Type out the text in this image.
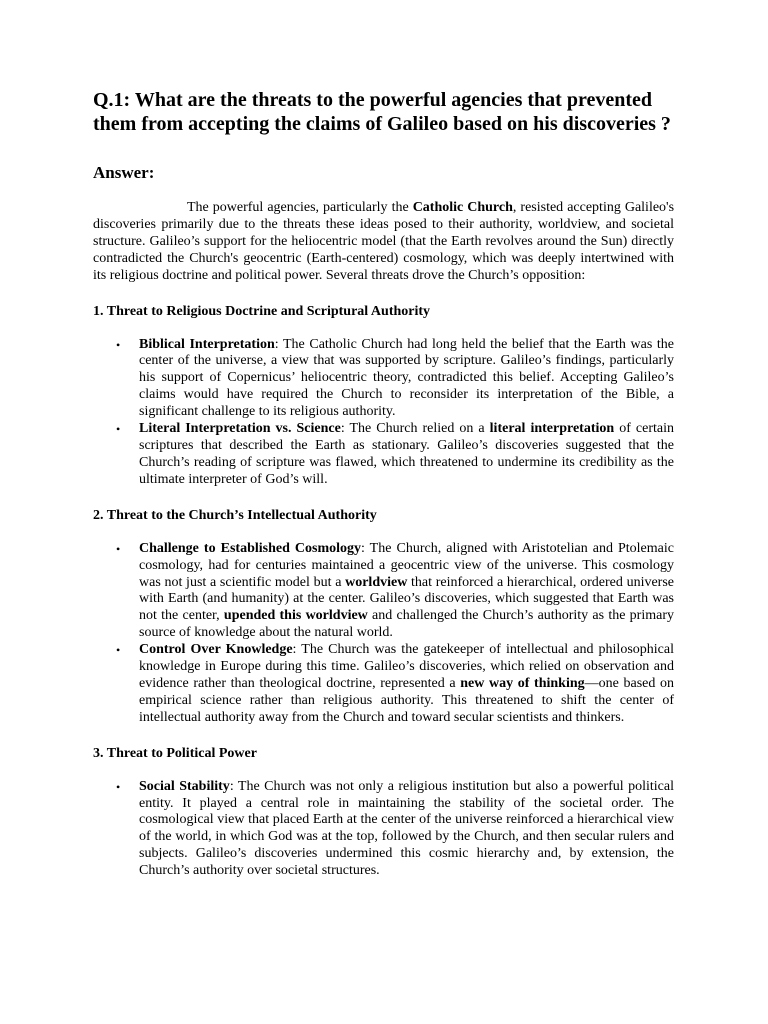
Q.1: What are the threats to the powerful agencies that prevented them from accepting the claims of Galileo based on his discoveries ?
Answer:

The powerful agencies, particularly the Catholic Church, resisted accepting Galileo's discoveries primarily due to the threats these ideas posed to their authority, worldview, and societal structure. Galileo’s support for the heliocentric model (that the Earth revolves around the Sun) directly contradicted the Church's geocentric (Earth-centered) cosmology, which was deeply intertwined with its religious doctrine and political power. Several threats drove the Church’s opposition:

1. Threat to Religious Doctrine and Scriptural Authority
• Biblical Interpretation: The Catholic Church had long held the belief that the Earth was the center of the universe, a view that was supported by scripture. Galileo’s findings, particularly his support of Copernicus’ heliocentric theory, contradicted this belief. Accepting Galileo’s claims would have required the Church to reconsider its interpretation of the Bible, a significant challenge to its religious authority.
• Literal Interpretation vs. Science: The Church relied on a literal interpretation of certain scriptures that described the Earth as stationary. Galileo’s discoveries suggested that the Church’s reading of scripture was flawed, which threatened to undermine its credibility as the ultimate interpreter of God’s will.
2. Threat to the Church’s Intellectual Authority
• Challenge to Established Cosmology: The Church, aligned with Aristotelian and Ptolemaic cosmology, had for centuries maintained a geocentric view of the universe. This cosmology was not just a scientific model but a worldview that reinforced a hierarchical, ordered universe with Earth (and humanity) at the center. Galileo’s discoveries, which suggested that Earth was not the center, upended this worldview and challenged the Church’s authority as the primary source of knowledge about the natural world.
• Control Over Knowledge: The Church was the gatekeeper of intellectual and philosophical knowledge in Europe during this time. Galileo’s discoveries, which relied on observation and evidence rather than theological doctrine, represented a new way of thinking—one based on empirical science rather than religious authority. This threatened to shift the center of intellectual authority away from the Church and toward secular scientists and thinkers.
3. Threat to Political Power
• Social Stability: The Church was not only a religious institution but also a powerful political entity. It played a central role in maintaining the stability of the societal order. The cosmological view that placed Earth at the center of the universe reinforced a hierarchical view of the world, in which God was at the top, followed by the Church, and then secular rulers and subjects. Galileo’s discoveries undermined this cosmic hierarchy and, by extension, the Church’s authority over societal structures.
